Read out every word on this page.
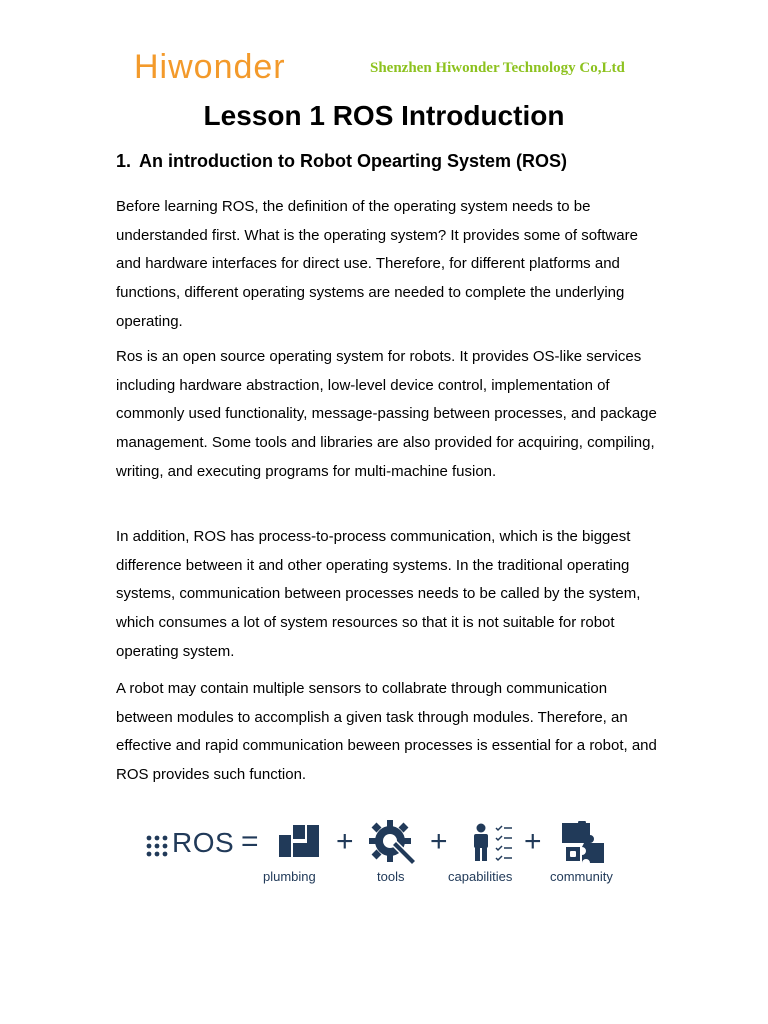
Hiwonder	Shenzhen Hiwonder Technology Co,Ltd
Lesson 1 ROS Introduction
1. An introduction to Robot Opearting System (ROS)

Before learning ROS, the definition of the operating system needs to be understanded first. What is the operating system? It provides some of software and hardware interfaces for direct use. Therefore, for different platforms and functions, different operating systems are needed to complete the underlying operating.

Ros is an open source operating system for robots. It provides OS-like services including hardware abstraction, low-level device control, implementation of commonly used functionality, message-passing between processes, and package management. Some tools and libraries are also provided for acquiring, compiling, writing, and executing programs for multi-machine fusion.

In addition, ROS has process-to-process communication, which is the biggest difference between it and other operating systems. In the traditional operating systems, communication between processes needs to be called by the system, which consumes a lot of system resources so that it is not suitable for robot operating system.

A robot may contain multiple sensors to collabrate through communication between modules to accomplish a given task through modules. Therefore, an effective and rapid communication beween processes is essential for a robot, and ROS provides such function.

ROS =	+	+	+
plumbing	tools	capabilities	community
